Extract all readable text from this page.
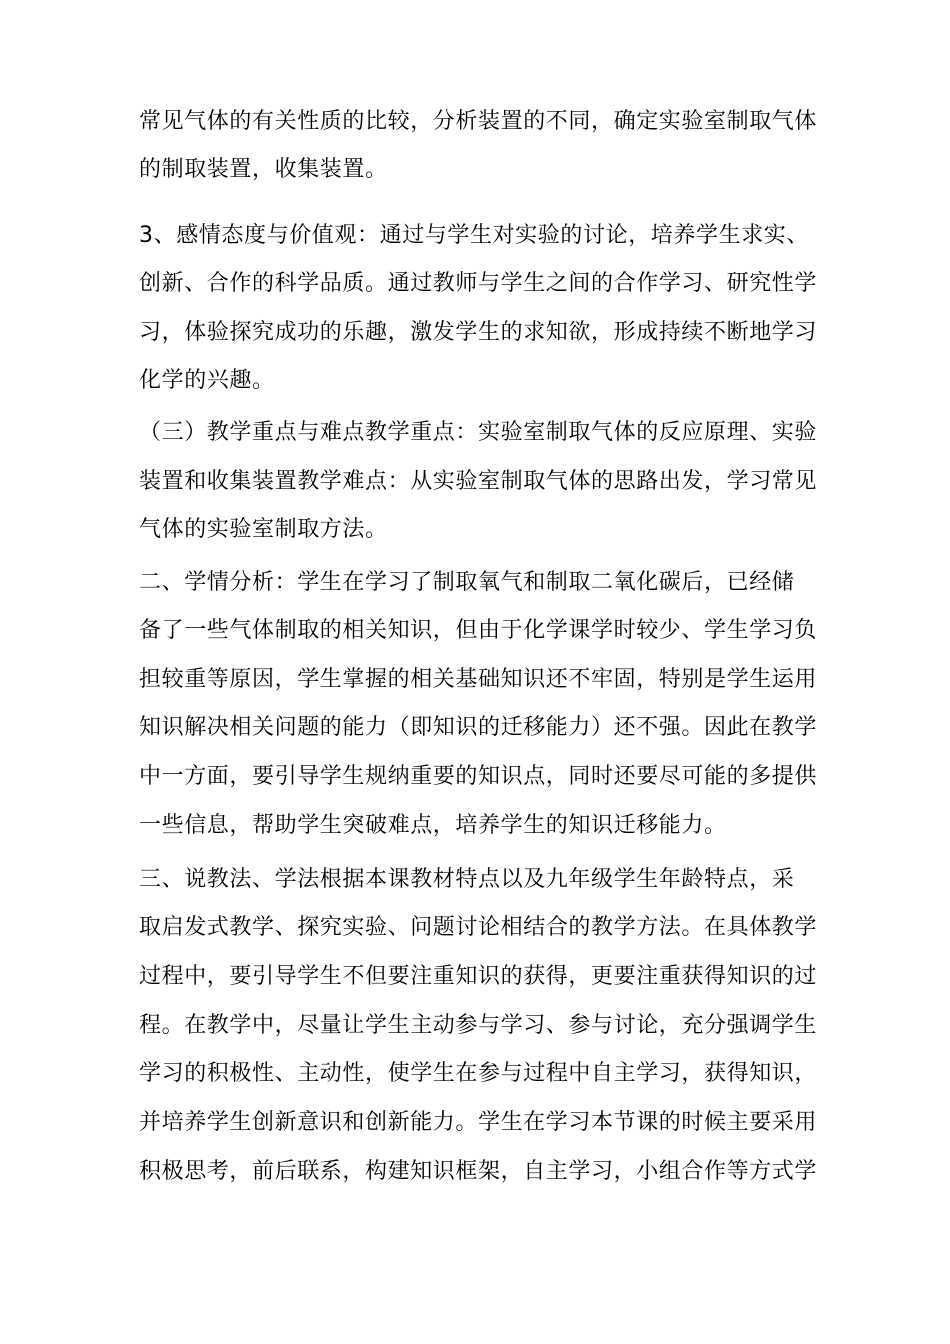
常见气体的有关性质的比较，分析装置的不同，确定实验室制取气体
的制取装置，收集装置。
3、感情态度与价值观：通过与学生对实验的讨论，培养学生求实、
创新、合作的科学品质。通过教师与学生之间的合作学习、研究性学
习，体验探究成功的乐趣，激发学生的求知欲，形成持续不断地学习
化学的兴趣。
（三）教学重点与难点教学重点：实验室制取气体的反应原理、实验
装置和收集装置教学难点：从实验室制取气体的思路出发，学习常见
气体的实验室制取方法。
二、学情分析：学生在学习了制取氧气和制取二氧化碳后，已经储
备了一些气体制取的相关知识，但由于化学课学时较少、学生学习负
担较重等原因，学生掌握的相关基础知识还不牢固，特别是学生运用
知识解决相关问题的能力（即知识的迁移能力）还不强。因此在教学
中一方面，要引导学生规纳重要的知识点，同时还要尽可能的多提供
一些信息，帮助学生突破难点，培养学生的知识迁移能力。
三、说教法、学法根据本课教材特点以及九年级学生年龄特点，采
取启发式教学、探究实验、问题讨论相结合的教学方法。在具体教学
过程中，要引导学生不但要注重知识的获得，更要注重获得知识的过
程。在教学中，尽量让学生主动参与学习、参与讨论，充分强调学生
学习的积极性、主动性，使学生在参与过程中自主学习，获得知识，
并培养学生创新意识和创新能力。学生在学习本节课的时候主要采用
积极思考，前后联系，构建知识框架，自主学习，小组合作等方式学
